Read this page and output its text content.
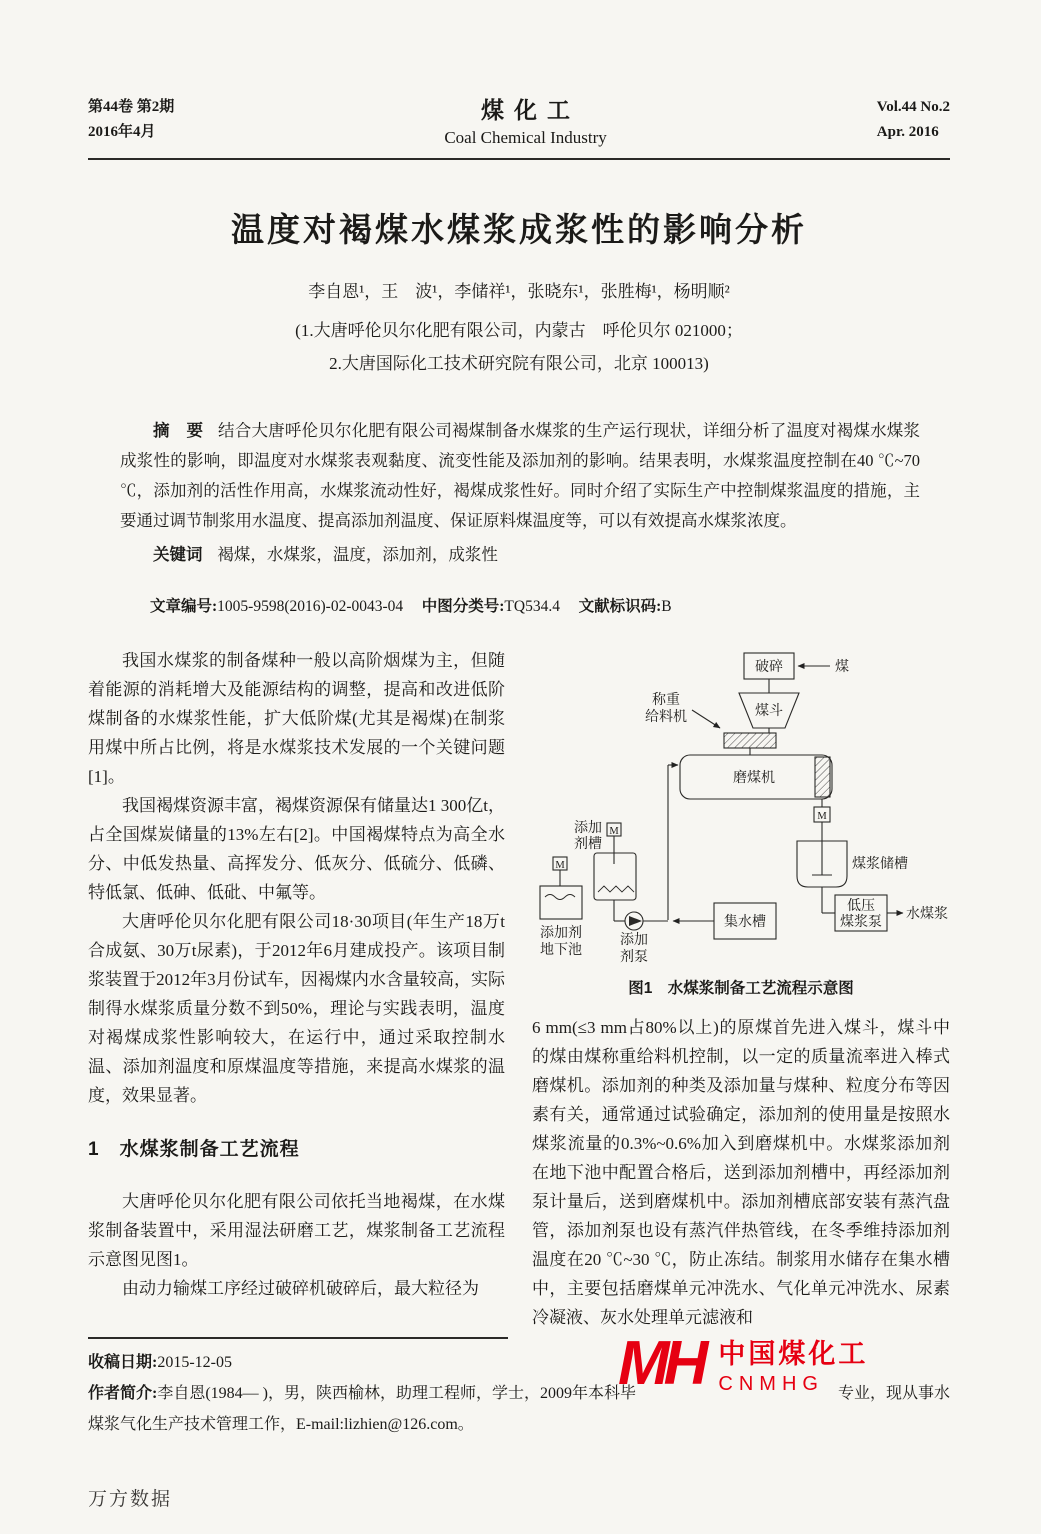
第44卷 第2期
2016年4月
煤化工
Coal Chemical Industry
Vol.44 No.2
Apr. 2016
温度对褐煤水煤浆成浆性的影响分析
李自恩¹，王　波¹，李储祥¹，张晓东¹，张胜梅¹，杨明顺²
(1.大唐呼伦贝尔化肥有限公司，内蒙古　呼伦贝尔 021000；
2.大唐国际化工技术研究院有限公司，北京 100013)

摘　要 结合大唐呼伦贝尔化肥有限公司褐煤制备水煤浆的生产运行现状，详细分析了温度对褐煤水煤浆成浆性的影响，即温度对水煤浆表观黏度、流变性能及添加剂的影响。结果表明，水煤浆温度控制在40 ℃~70 ℃，添加剂的活性作用高，水煤浆流动性好，褐煤成浆性好。同时介绍了实际生产中控制煤浆温度的措施，主要通过调节制浆用水温度、提高添加剂温度、保证原料煤温度等，可以有效提高水煤浆浓度。

关键词 褐煤，水煤浆，温度，添加剂，成浆性

文章编号:1005-9598(2016)-02-0043-04 中图分类号:TQ534.4 文献标识码:B

我国水煤浆的制备煤种一般以高阶烟煤为主，但随着能源的消耗增大及能源结构的调整，提高和改进低阶煤制备的水煤浆性能，扩大低阶煤(尤其是褐煤)在制浆用煤中所占比例，将是水煤浆技术发展的一个关键问题[1]。

我国褐煤资源丰富，褐煤资源保有储量达1 300亿t，占全国煤炭储量的13%左右[2]。中国褐煤特点为高全水分、中低发热量、高挥发分、低灰分、低硫分、低磷、特低氯、低砷、低砒、中氟等。

大唐呼伦贝尔化肥有限公司18·30项目(年生产18万t合成氨、30万t尿素)，于2012年6月建成投产。该项目制浆装置于2012年3月份试车，因褐煤内水含量较高，实际制得水煤浆质量分数不到50%，理论与实践表明，温度对褐煤成浆性影响较大，在运行中，通过采取控制水温、添加剂温度和原煤温度等措施，来提高水煤浆的温度，效果显著。

1　水煤浆制备工艺流程

大唐呼伦贝尔化肥有限公司依托当地褐煤，在水煤浆制备装置中，采用湿法研磨工艺，煤浆制备工艺流程示意图见图1。

由动力输煤工序经过破碎机破碎后，最大粒径为

煤
破碎
煤斗
称重
给料机
磨煤机
M
煤浆储槽
低压
煤浆泵
水煤浆
添加
剂槽
M
M
添加剂
地下池
添加
剂泵
集水槽
图1　水煤浆制备工艺流程示意图

6 mm(≤3 mm占80%以上)的原煤首先进入煤斗，煤斗中的煤由煤称重给料机控制，以一定的质量流率进入棒式磨煤机。添加剂的种类及添加量与煤种、粒度分布等因素有关，通常通过试验确定，添加剂的使用量是按照水煤浆流量的0.3%~0.6%加入到磨煤机中。水煤浆添加剂在地下池中配置合格后，送到添加剂槽中，再经添加剂泵计量后，送到磨煤机中。添加剂槽底部安装有蒸汽盘管，添加剂泵也设有蒸汽伴热管线，在冬季维持添加剂温度在20 ℃~30 ℃，防止冻结。制浆用水储存在集水槽中，主要包括磨煤单元冲洗水、气化单元冲洗水、尿素冷凝液、灰水处理单元滤液和

收稿日期:2015-12-05
作者简介:李自恩(1984— )，男，陕西榆林，助理工程师，学士，2009年本科毕	专业，现从事水
煤浆气化生产技术管理工作，E-mail:lizhien@126.com。
MH 中国煤化工
CNMHG
万方数据
